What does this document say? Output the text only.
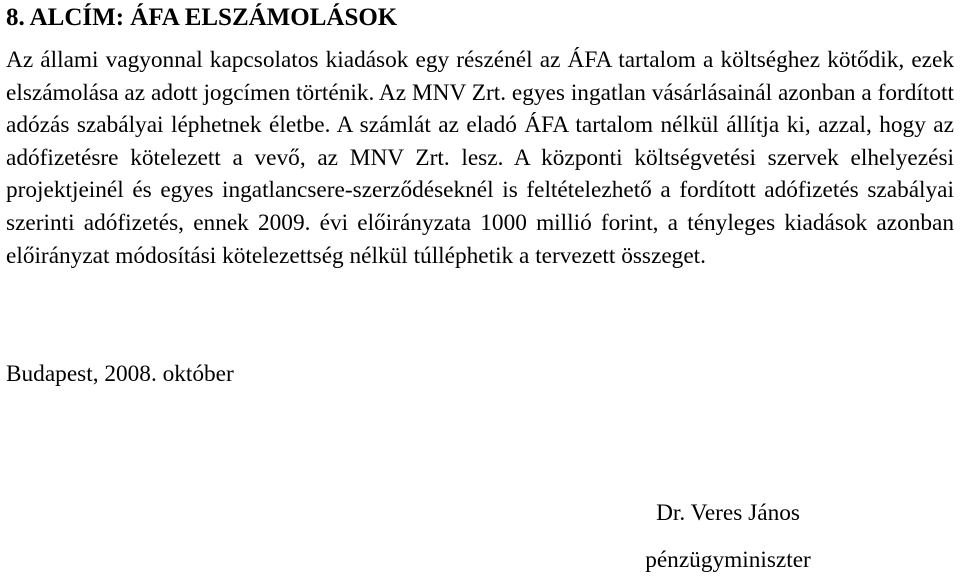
8. ALCÍM: ÁFA ELSZÁMOLÁSOK
Az állami vagyonnal kapcsolatos kiadások egy részénél az ÁFA tartalom a költséghez kötődik, ezek elszámolása az adott jogcímen történik. Az MNV Zrt. egyes ingatlan vásárlásainál azonban a fordított adózás szabályai léphetnek életbe. A számlát az eladó ÁFA tartalom nélkül állítja ki, azzal, hogy az adófizetésre kötelezett a vevő, az MNV Zrt. lesz. A központi költségvetési szervek elhelyezési projektjeinél és egyes ingatlancsere-szerződéseknél is feltételezhető a fordított adófizetés szabályai szerinti adófizetés, ennek 2009. évi előirányzata 1000 millió forint, a tényleges kiadások azonban előirányzat módosítási kötelezettség nélkül túlléphetik a tervezett összeget.
Budapest, 2008. október
Dr. Veres János
pénzügyminiszter
